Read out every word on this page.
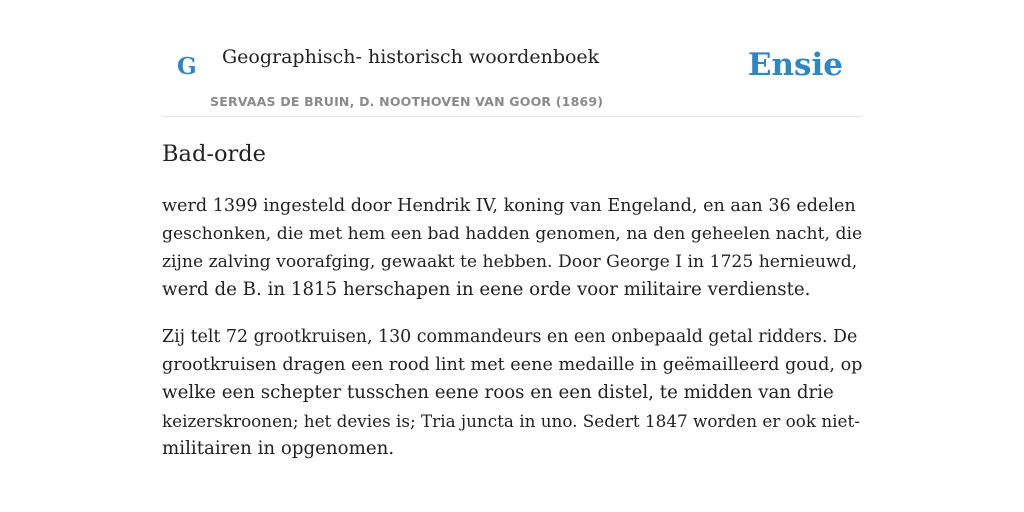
G Geographisch- historisch woordenboek
SERVAAS DE BRUIN, D. NOOTHOVEN VAN GOOR (1869)
Ensie
Bad-orde

werd 1399 ingesteld door Hendrik IV, koning van Engeland, en aan 36 edelen
geschonken, die met hem een bad hadden genomen, na den geheelen nacht, die
zijne zalving voorafging, gewaakt te hebben. Door George I in 1725 hernieuwd,
werd de B. in 1815 herschapen in eene orde voor militaire verdienste.

Zij telt 72 grootkruisen, 130 commandeurs en een onbepaald getal ridders. De
grootkruisen dragen een rood lint met eene medaille in geëmailleerd goud, op
welke een schepter tusschen eene roos en een distel, te midden van drie
keizerskroonen; het devies is; Tria juncta in uno. Sedert 1847 worden er ook niet-
militairen in opgenomen.
